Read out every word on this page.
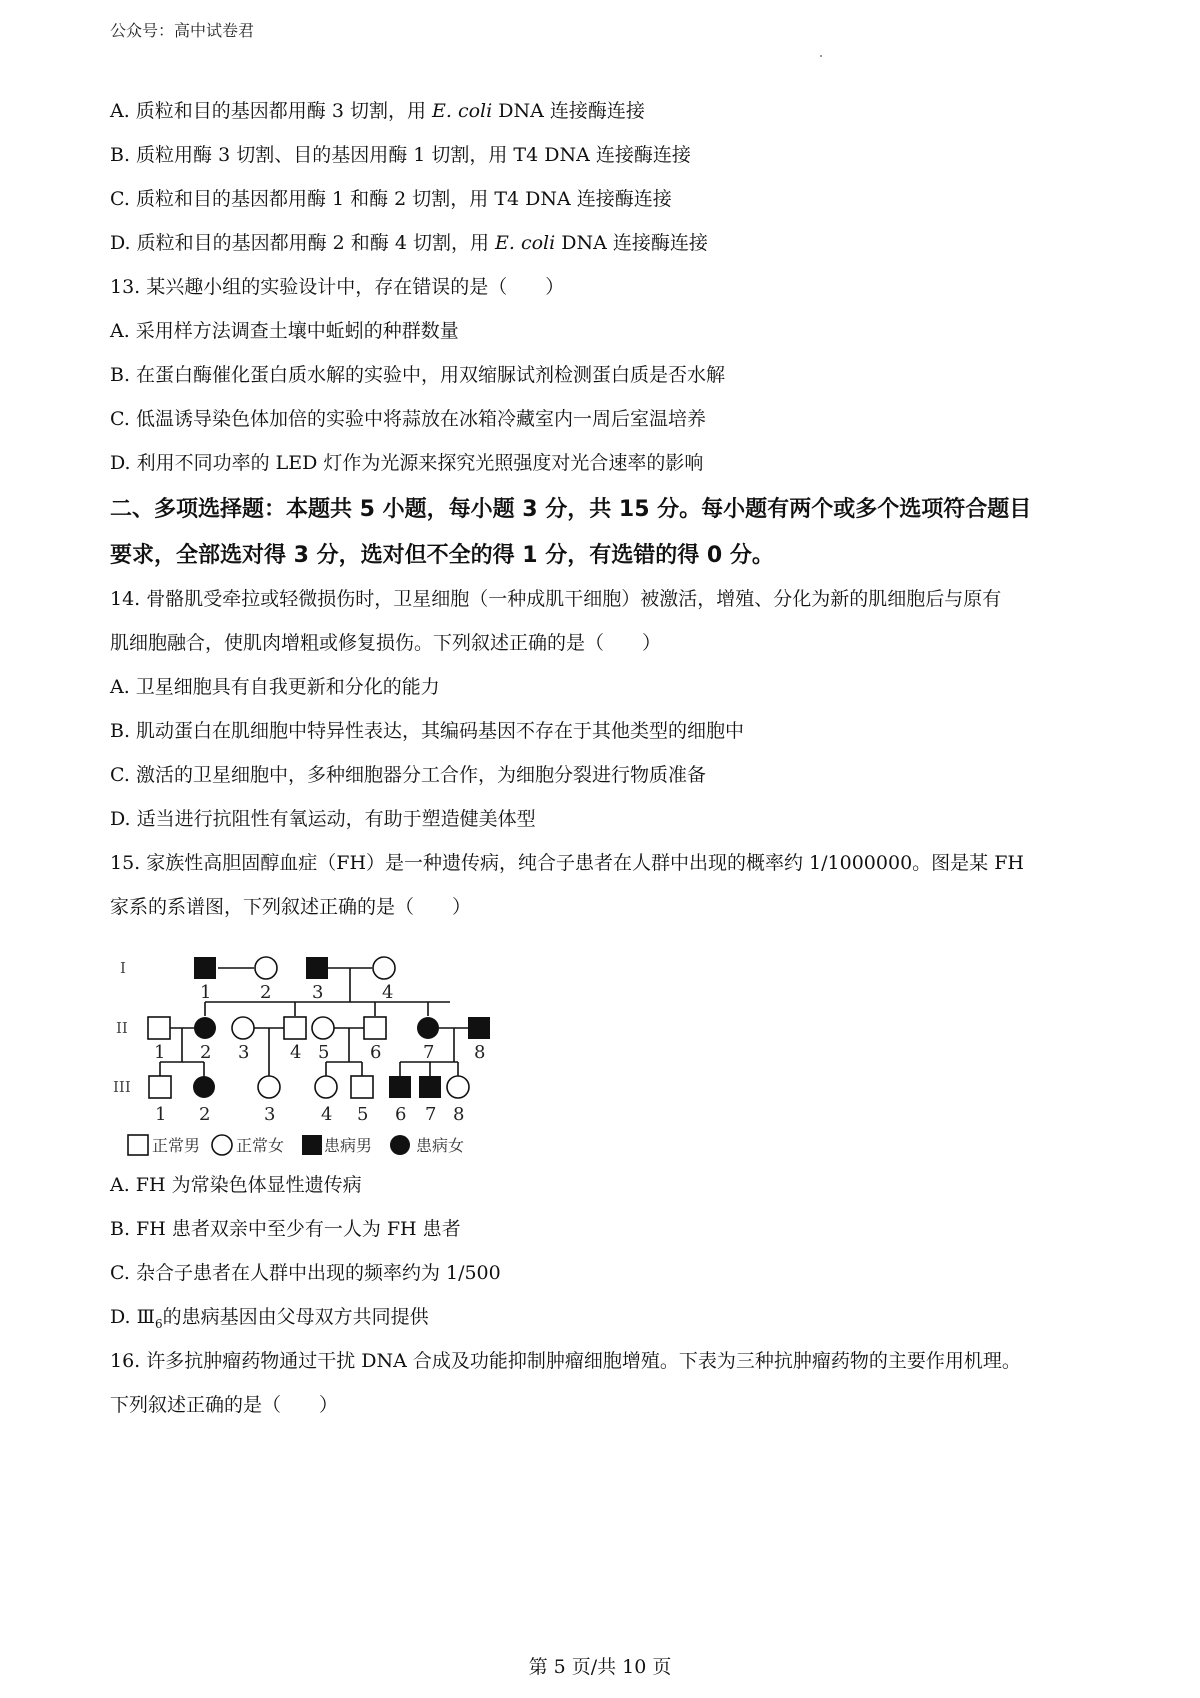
公众号：高中试卷君
A. 质粒和目的基因都用酶 3 切割，用 E. coli DNA 连接酶连接
B. 质粒用酶 3 切割、目的基因用酶 1 切割，用 T4 DNA 连接酶连接
C. 质粒和目的基因都用酶 1 和酶 2 切割，用 T4 DNA 连接酶连接
D. 质粒和目的基因都用酶 2 和酶 4 切割，用 E. coli DNA 连接酶连接
13. 某兴趣小组的实验设计中，存在错误的是（　　）
A. 采用样方法调查土壤中蚯蚓的种群数量
B. 在蛋白酶催化蛋白质水解的实验中，用双缩脲试剂检测蛋白质是否水解
C. 低温诱导染色体加倍的实验中将蒜放在冰箱冷藏室内一周后室温培养
D. 利用不同功率的 LED 灯作为光源来探究光照强度对光合速率的影响
二、多项选择题：本题共 5 小题，每小题 3 分，共 15 分。每小题有两个或多个选项符合题目
要求，全部选对得 3 分，选对但不全的得 1 分，有选错的得 0 分。
14. 骨骼肌受牵拉或轻微损伤时，卫星细胞（一种成肌干细胞）被激活，增殖、分化为新的肌细胞后与原有
肌细胞融合，使肌肉增粗或修复损伤。下列叙述正确的是（　　）
A. 卫星细胞具有自我更新和分化的能力
B. 肌动蛋白在肌细胞中特异性表达，其编码基因不存在于其他类型的细胞中
C. 激活的卫星细胞中，多种细胞器分工合作，为细胞分裂进行物质准备
D. 适当进行抗阻性有氧运动，有助于塑造健美体型
15. 家族性高胆固醇血症（FH）是一种遗传病，纯合子患者在人群中出现的概率约 1/1000000。图是某 FH
家系的系谱图，下列叙述正确的是（　　）
I
II
III
1	2 3	4
1 2 3 4 5 6 7 8
1 2	3	4 5 6 7 8
正常男 正常女 患病男	患病女
A. FH 为常染色体显性遗传病
B. FH 患者双亲中至少有一人为 FH 患者
C. 杂合子患者在人群中出现的频率约为 1/500
D. $Ⅲ_6$的患病基因由父母双方共同提供
16. 许多抗肿瘤药物通过干扰 DNA 合成及功能抑制肿瘤细胞增殖。下表为三种抗肿瘤药物的主要作用机理。
下列叙述正确的是（　　）
第 5 页/共 10 页
